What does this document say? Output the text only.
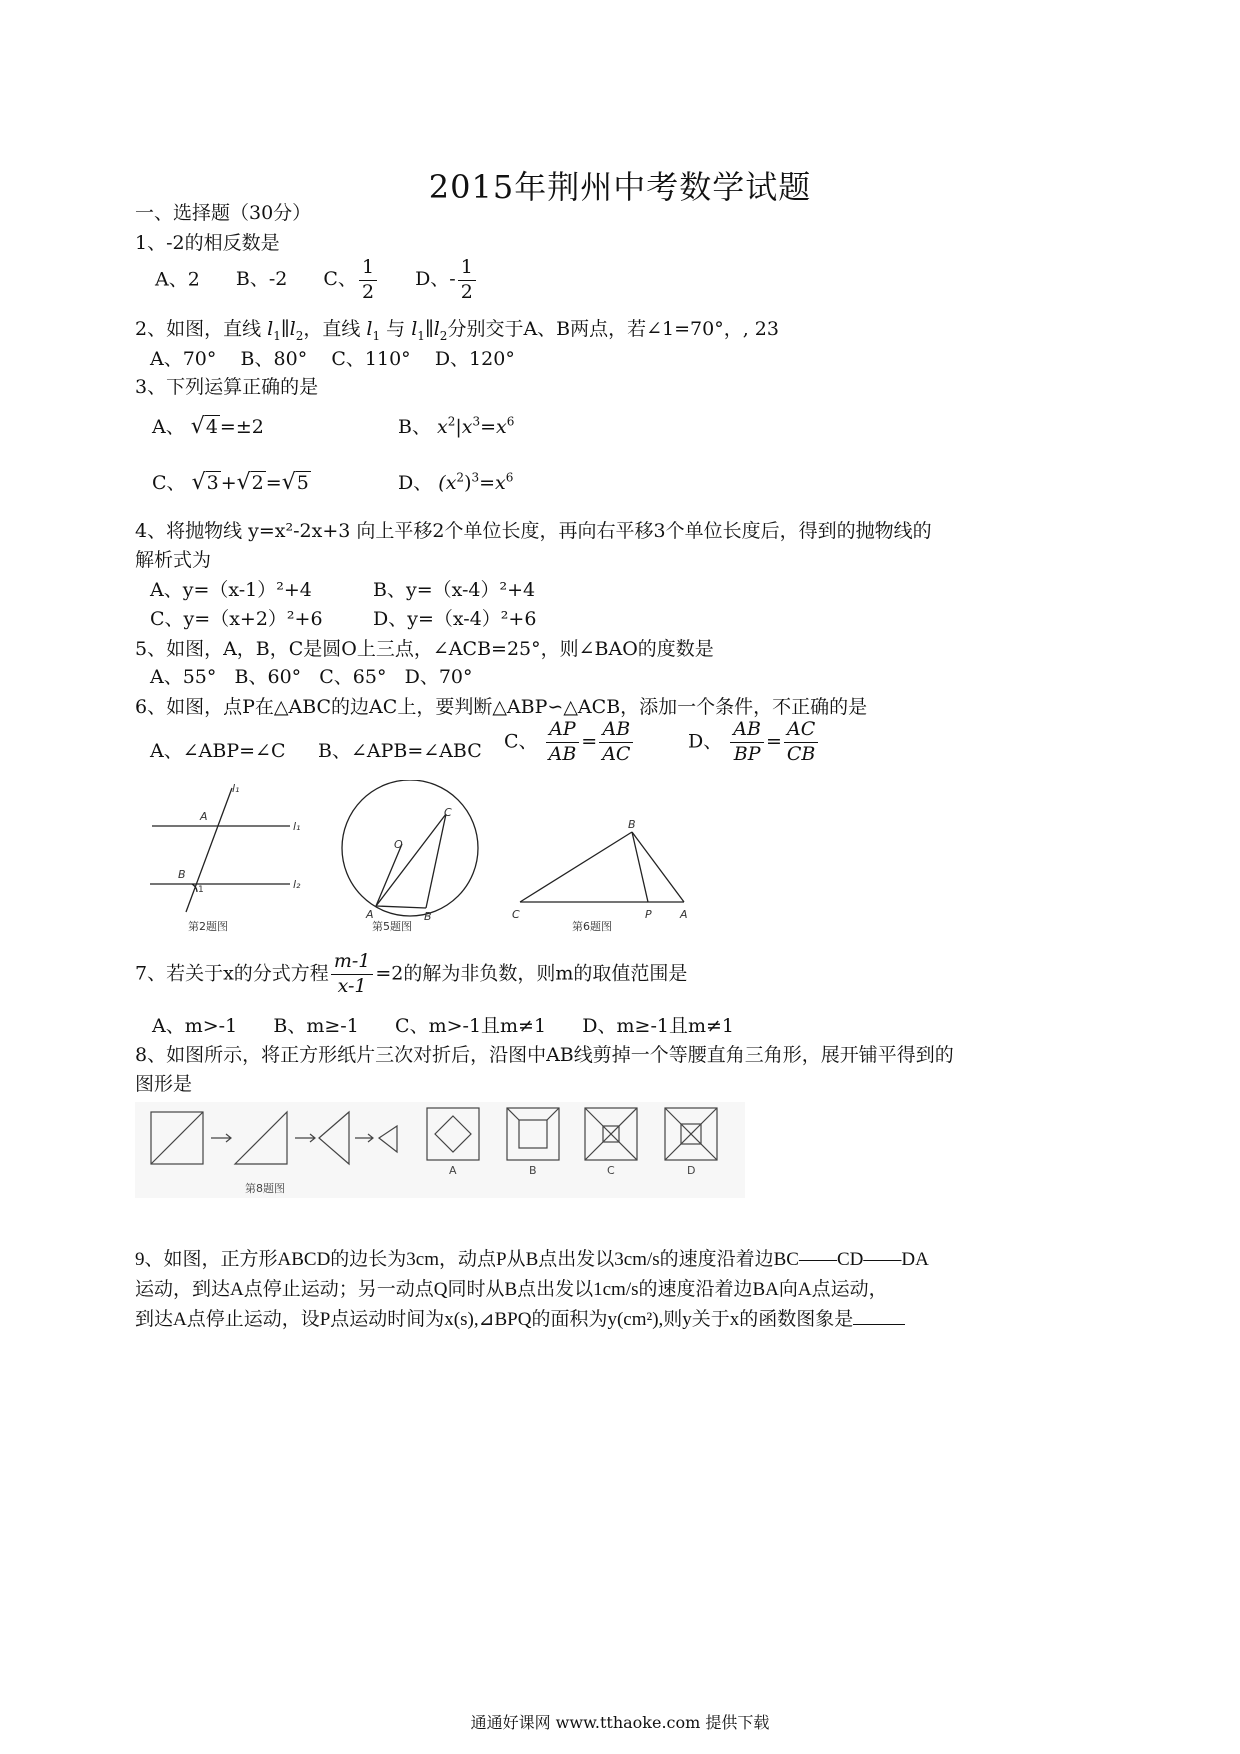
2015年荆州中考数学试题
一、选择题（30分）
1、-2的相反数是
A、2 B、-2 C、 $\frac{1}{2}$ D、- $\frac{1}{2}$
2、如图，直线 $l_1\parallel l_2$，直线 $l_1$ 与 $l_1\parallel l_2$分别交于A、B两点，若∠1=70°，, 23
A、70°    B、80°    C、110°    D、120°
3、下列运算正确的是
A、 √4 =±2	B、 $x^2|x^3=x^6$
C、 √3 +√2 =√5	D、 $(x^2)^3=x^6$
4、将抛物线 y=x²-2x+3 向上平移2个单位长度，再向右平移3个单位长度后，得到的抛物线的
解析式为
A、y=（x-1）²+4	B、y=（x-4）²+4
C、y=（x+2）²+6	D、y=（x-4）²+6
5、如图，A，B，C是圆O上三点，∠ACB=25°，则∠BAO的度数是
A、55°   B、60°   C、65°   D、70°
6、如图，点P在△ABC的边AC上，要判断△ABP∽△ACB，添加一个条件，不正确的是
A、∠ABP=∠C B、∠APB=∠ABC C、 $\frac{AP}{AB} = \frac{AB}{AC}$	D、 $\frac{AB}{BP} = \frac{AC}{CB}$
l₁
l₂
l₁
A
B
1
第2题图
O
A	B
C
第5题图
B
C	P	A
第6题图
7、若关于x的分式方程 $\frac{m-1}{x-1} =2$的解为非负数，则m的取值范围是
A、m>-1      B、m≥-1      C、m>-1且m≠1      D、m≥-1且m≠1
8、如图所示，将正方形纸片三次对折后，沿图中AB线剪掉一个等腰直角三角形，展开铺平得到的
图形是
A	B	C	D
第8题图
9、如图，正方形ABCD的边长为3cm，动点P从B点出发以3cm/s的速度沿着边BC——CD——DA
运动，到达A点停止运动；另一动点Q同时从B点出发以1cm/s的速度沿着边BA向A点运动，
到达A点停止运动，设P点运动时间为x(s),⊿BPQ的面积为y(cm²),则y关于x的函数图象是
通通好课网 www.tthaoke.com 提供下载
